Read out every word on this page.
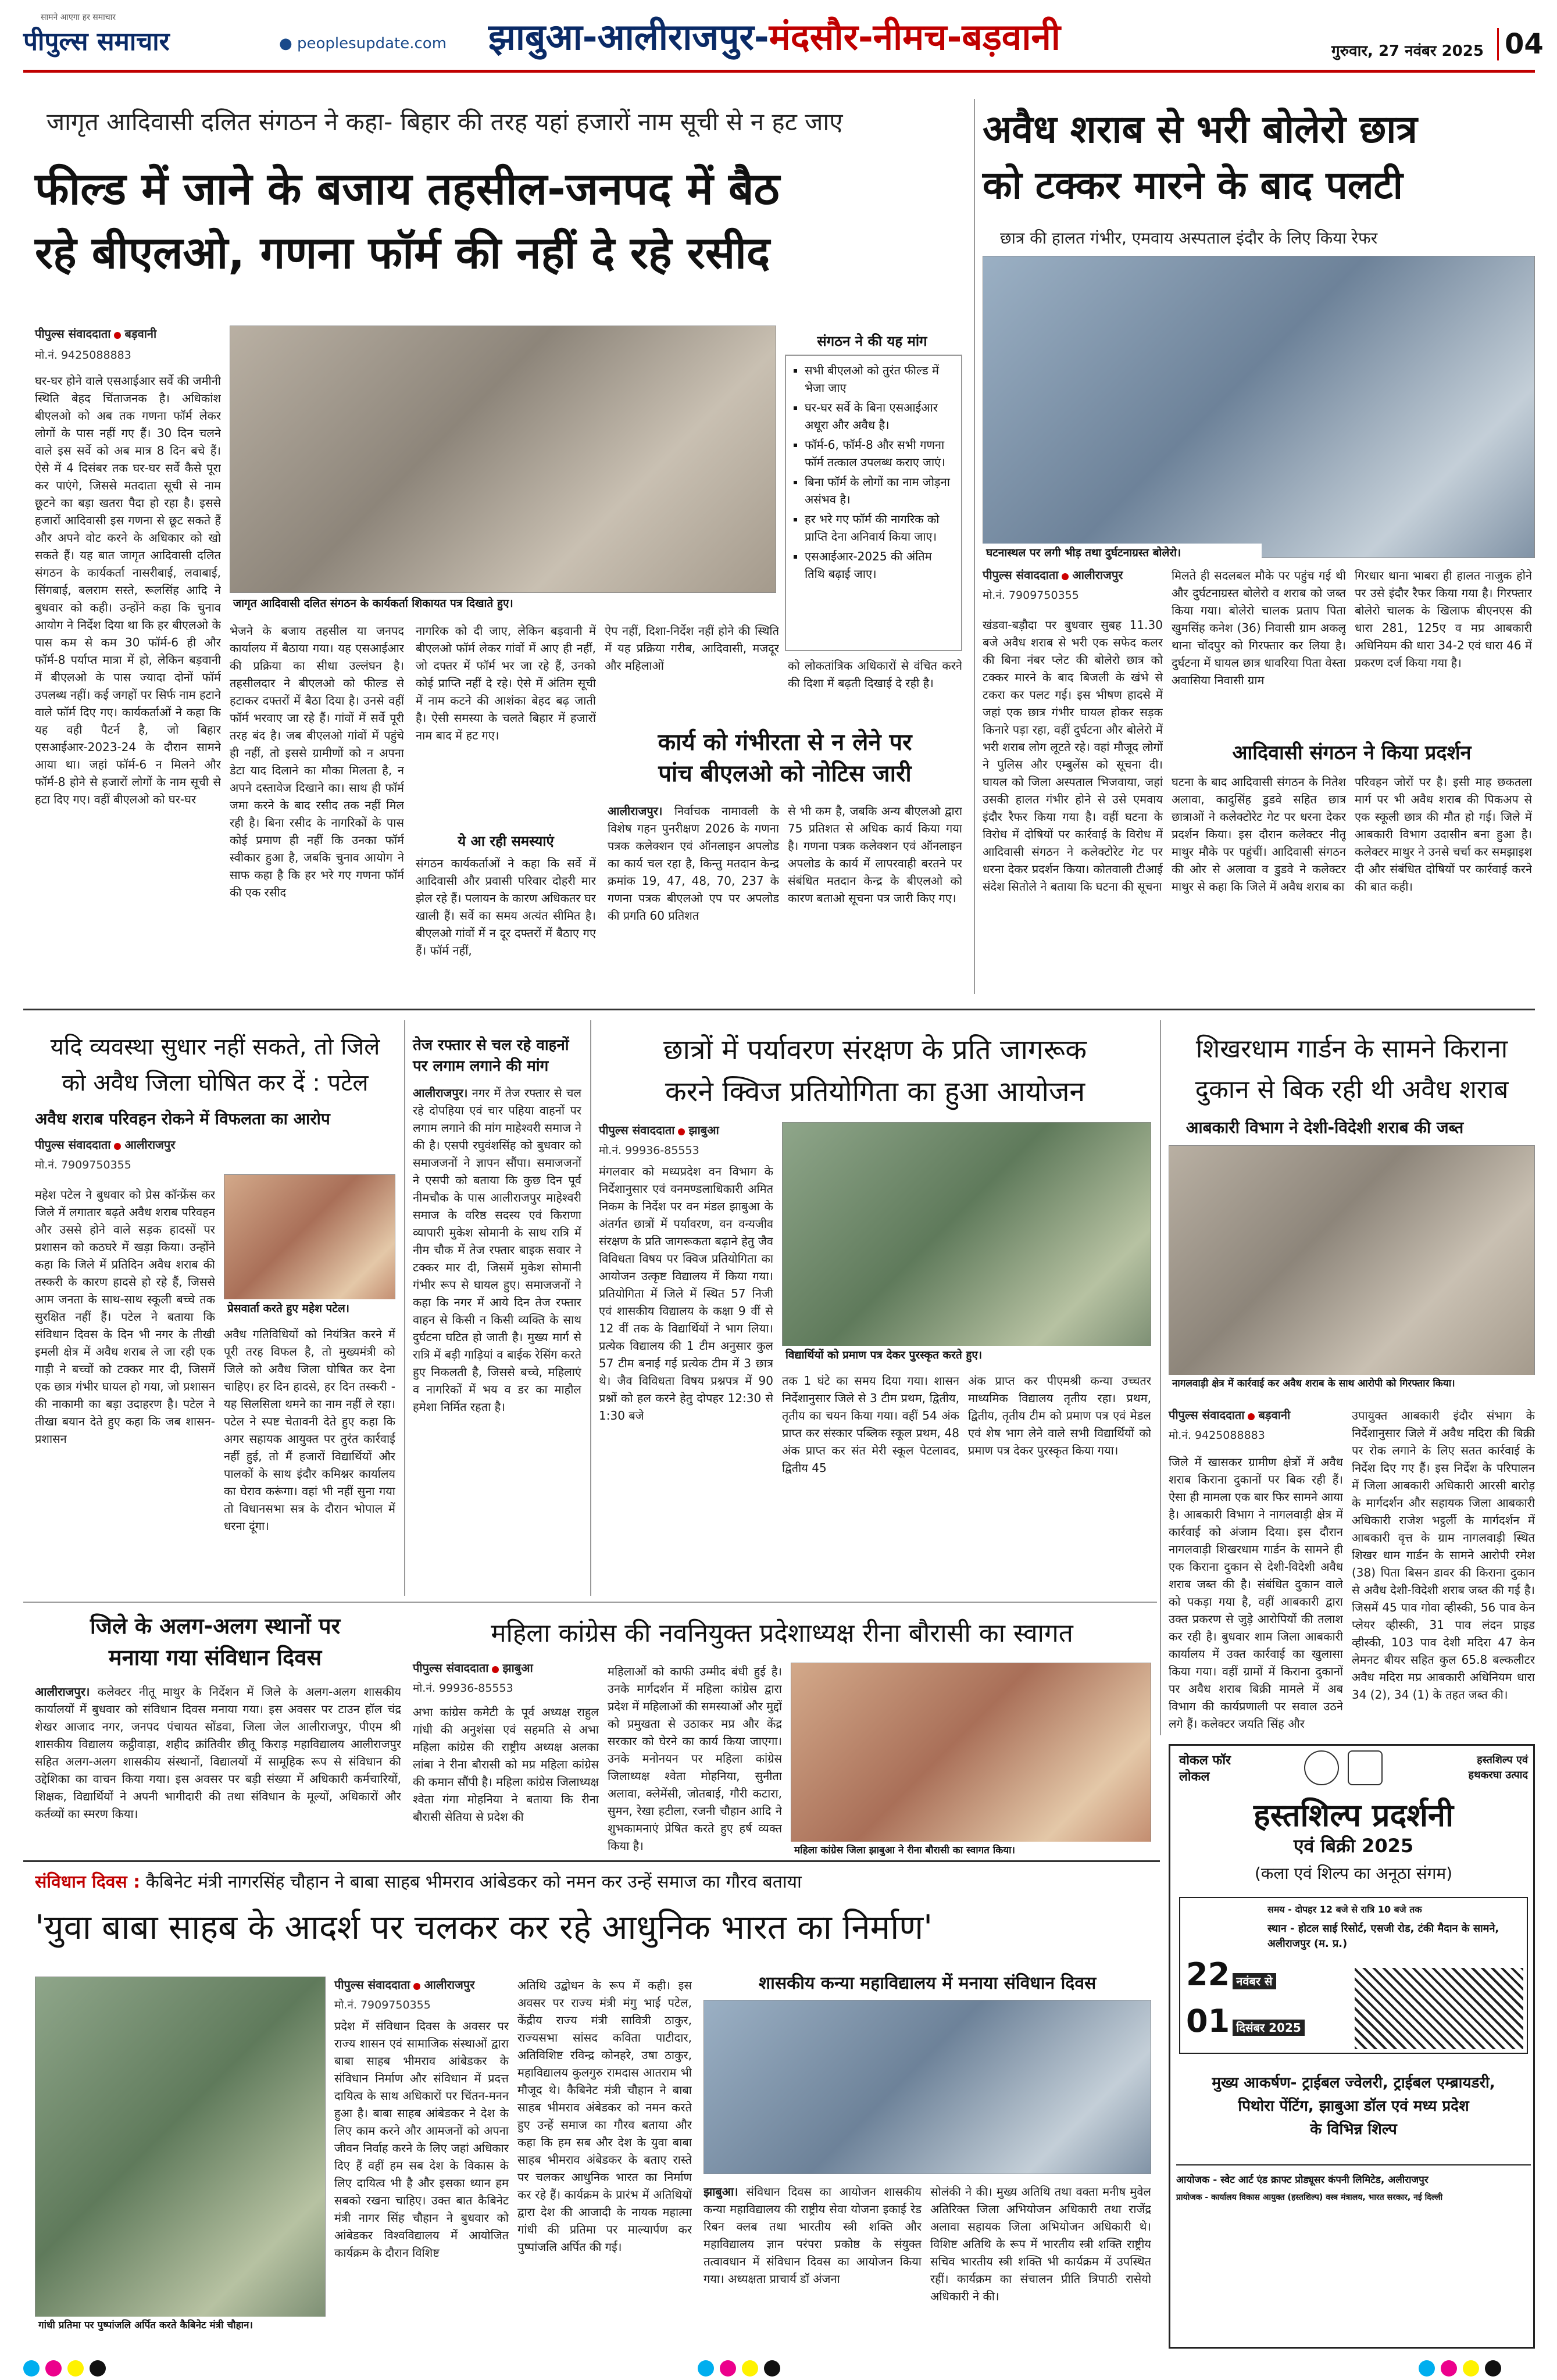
सामने आएगा हर समाचार
पीपुल्स समाचार	● peoplesupdate.com झाबुआ-आलीराजपुर-मंदसौर-नीमच-बड़वानी	गुरुवार, 27 नवंबर 2025 04
जागृत आदिवासी दलित संगठन ने कहा- बिहार की तरह यहां हजारों नाम सूची से न हट जाए
फील्ड में जाने के बजाय तहसील-जनपद में बैठ
रहे बीएलओ, गणना फॉर्म की नहीं दे रहे रसीद
पीपुल्स संवाददाता बड़वानी
मो.नं. 9425088883
घर-घर होने वाले एसआईआर सर्वे की जमीनी स्थिति बेहद चिंताजनक है। अधिकांश बीएलओ को अब तक गणना फॉर्म लेकर लोगों के पास नहीं गए हैं। 30 दिन चलने वाले इस सर्वे को अब मात्र 8 दिन बचे हैं। ऐसे में 4 दिसंबर तक घर-घर सर्वे कैसे पूरा कर पाएंगे, जिससे मतदाता सूची से नाम छूटने का बड़ा खतरा पैदा हो रहा है। इससे हजारों आदिवासी इस गणना से छूट सकते हैं और अपने वोट करने के अधिकार को खो सकते हैं। यह बात जागृत आदिवासी दलित संगठन के कार्यकर्ता नासरीबाई, लवाबाई, सिंगबाई, बलराम सस्ते, रूलसिंह आदि ने बुधवार को कही। उन्होंने कहा कि चुनाव आयोग ने निर्देश दिया था कि हर बीएलओ के पास कम से कम 30 फॉर्म-6 ही और फॉर्म-8 पर्याप्त मात्रा में हो, लेकिन बड़वानी में बीएलओ के पास ज्यादा दोनों फॉर्म उपलब्ध नहीं। कई जगहों पर सिर्फ नाम हटाने वाले फॉर्म दिए गए। कार्यकर्ताओं ने कहा कि यह वही पैटर्न है, जो बिहार एसआईआर-2023-24 के दौरान सामने आया था। जहां फॉर्म-6 न मिलने और फॉर्म-8 होने से हजारों लोगों के नाम सूची से हटा दिए गए। वहीं बीएलओ को घर-घर
जागृत आदिवासी दलित संगठन के कार्यकर्ता शिकायत पत्र दिखाते हुए।
भेजने के बजाय तहसील या जनपद कार्यालय में बैठाया गया। यह एसआईआर की प्रक्रिया का सीधा उल्लंघन है। तहसीलदार ने बीएलओ को फील्ड से हटाकर दफ्तरों में बैठा दिया है। उनसे वहीं फॉर्म भरवाए जा रहे हैं। गांवों में सर्वे पूरी तरह बंद है। जब बीएलओ गांवों में पहुंचे ही नहीं, तो इससे ग्रामीणों को न अपना डेटा याद दिलाने का मौका मिलता है, न अपने दस्तावेज दिखाने का। साथ ही फॉर्म जमा करने के बाद रसीद तक नहीं मिल रही है। बिना रसीद के नागरिकों के पास कोई प्रमाण ही नहीं कि उनका फॉर्म स्वीकार हुआ है, जबकि चुनाव आयोग ने साफ कहा है कि हर भरे गए गणना फॉर्म की एक रसीद
नागरिक को दी जाए, लेकिन बड़वानी में बीएलओ फॉर्म लेकर गांवों में आए ही नहीं, जो दफ्तर में फॉर्म भर जा रहे हैं, उनको कोई प्राप्ति नहीं दे रहे। ऐसे में अंतिम सूची में नाम कटने की आशंका बेहद बढ़ जाती है। ऐसी समस्या के चलते बिहार में हजारों नाम बाद में हट गए।
ये आ रही समस्याएं
संगठन कार्यकर्ताओं ने कहा कि सर्वे में आदिवासी और प्रवासी परिवार दोहरी मार झेल रहे हैं। पलायन के कारण अधिकतर घर खाली हैं। सर्वे का समय अत्यंत सीमित है। बीएलओ गांवों में न दूर दफ्तरों में बैठाए गए हैं। फॉर्म नहीं,
ऐप नहीं, दिशा-निर्देश नहीं होने की स्थिति में यह प्रक्रिया गरीब, आदिवासी, मजदूर और महिलाओं	को लोकतांत्रिक अधिकारों से वंचित करने की दिशा में बढ़ती दिखाई दे रही है।
संगठन ने की यह मांग
▪ सभी बीएलओ को तुरंत फील्ड में भेजा जाए
▪ घर-घर सर्वे के बिना एसआईआर अधूरा और अवैध है।
▪ फॉर्म-6, फॉर्म-8 और सभी गणना फॉर्म तत्काल उपलब्ध कराए जाएं।
▪ बिना फॉर्म के लोगों का नाम जोड़ना असंभव है।
▪ हर भरे गए फॉर्म की नागरिक को प्राप्ति देना अनिवार्य किया जाए।
▪ एसआईआर-2025 की अंतिम तिथि बढ़ाई जाए।
कार्य को गंभीरता से न लेने पर
पांच बीएलओ को नोटिस जारी
आलीराजपुर। निर्वाचक नामावली के विशेष गहन पुनरीक्षण 2026 के गणना पत्रक कलेक्शन एवं ऑनलाइन अपलोड का कार्य चल रहा है, किन्तु मतदान केन्द्र क्रमांक 19, 47, 48, 70, 237 के गणना पत्रक बीएलओ एप पर अपलोड की प्रगति 60 प्रतिशत
से भी कम है, जबकि अन्य बीएलओ द्वारा 75 प्रतिशत से अधिक कार्य किया गया है। गणना पत्रक कलेक्शन एवं ऑनलाइन अपलोड के कार्य में लापरवाही बरतने पर संबंधित मतदान केन्द्र के बीएलओ को कारण बताओ सूचना पत्र जारी किए गए।
अवैध शराब से भरी बोलेरो छात्र
को टक्कर मारने के बाद पलटी
छात्र की हालत गंभीर, एमवाय अस्पताल इंदौर के लिए किया रेफर
घटनास्थल पर लगी भीड़ तथा दुर्घटनाग्रस्त बोलेरो।
पीपुल्स संवाददाता आलीराजपुर
मो.नं. 7909750355
खंडवा-बड़ौदा पर बुधवार सुबह 11.30 बजे अवैध शराब से भरी एक सफेद कलर की बिना नंबर प्लेट की बोलेरो छात्र को टक्कर मारने के बाद बिजली के खंभे से टकरा कर पलट गई। इस भीषण हादसे में जहां एक छात्र गंभीर घायल होकर सड़क किनारे पड़ा रहा, वहीं दुर्घटना और बोलेरो में भरी शराब लोग लूटते रहे। वहां मौजूद लोगों ने पुलिस और एम्बुलेंस को सूचना दी। घायल को जिला अस्पताल भिजवाया, जहां उसकी हालत गंभीर होने से उसे एमवाय इंदौर रैफर किया गया है। वहीं घटना के विरोध में दोषियों पर कार्रवाई के विरोध में आदिवासी संगठन ने कलेक्टोरेट गेट पर धरना देकर प्रदर्शन किया। कोतवाली टीआई संदेश सितोले ने बताया कि घटना की सूचना
मिलते ही सदलबल मौके पर पहुंच गई थी और दुर्घटनाग्रस्त बोलेरो व शराब को जब्त किया गया। बोलेरो चालक प्रताप पिता खुमसिंह कनेश (36) निवासी ग्राम अकलू थाना चोंदपुर को गिरफ्तार कर लिया है। दुर्घटना में घायल छात्र धावरिया पिता वेस्ता अवासिया निवासी ग्राम
गिरधार थाना भाबरा ही हालत नाजुक होने पर उसे इंदौर रैफर किया गया है। गिरफ्तार बोलेरो चालक के खिलाफ बीएनएस की धारा 281, 125ए व मप्र आबकारी अधिनियम की धारा 34-2 एवं धारा 46 में प्रकरण दर्ज किया गया है।
आदिवासी संगठन ने किया प्रदर्शन
घटना के बाद आदिवासी संगठन के नितेश अलावा, कादुसिंह डुडवे सहित छात्र छात्राओं ने कलेक्टोरेट गेट पर धरना देकर प्रदर्शन किया। इस दौरान कलेक्टर नीतू माथुर मौके पर पहुंचीं। आदिवासी संगठन की ओर से अलावा व डुडवे ने कलेक्टर माथुर से कहा कि जिले में अवैध शराब का
परिवहन जोरों पर है। इसी माह छकतला मार्ग पर भी अवैध शराब की पिकअप से एक स्कूली छात्र की मौत हो गई। जिले में आबकारी विभाग उदासीन बना हुआ है। कलेक्टर माथुर ने उनसे चर्चा कर समझाइश दी और संबंधित दोषियों पर कार्रवाई करने की बात कही।
यदि व्यवस्था सुधार नहीं सकते, तो जिले
को अवैध जिला घोषित कर दें : पटेल
अवैध शराब परिवहन रोकने में विफलता का आरोप
पीपुल्स संवाददाता आलीराजपुर
मो.नं. 7909750355
प्रेसवार्ता करते हुए महेश पटेल।
महेश पटेल ने बुधवार को प्रेस कॉन्फ्रेंस कर जिले में लगातार बढ़ते अवैध शराब परिवहन और उससे होने वाले सड़क हादसों पर प्रशासन को कठघरे में खड़ा किया। उन्होंने कहा कि जिले में प्रतिदिन अवैध शराब की तस्करी के कारण हादसे हो रहे हैं, जिससे आम जनता के साथ-साथ स्कूली बच्चे तक सुरक्षित नहीं हैं। पटेल ने बताया कि संविधान दिवस के दिन भी नगर के तीखी इमली क्षेत्र में अवैध शराब ले जा रही एक गाड़ी ने बच्चों को टक्कर मार दी, जिसमें एक छात्र गंभीर घायल हो गया, जो प्रशासन की नाकामी का बड़ा उदाहरण है। पटेल ने तीखा बयान देते हुए कहा कि जब शासन-प्रशासन
अवैध गतिविधियों को नियंत्रित करने में पूरी तरह विफल है, तो मुख्यमंत्री को जिले को अवैध जिला घोषित कर देना चाहिए। हर दिन हादसे, हर दिन तस्करी - यह सिलसिला थमने का नाम नहीं ले रहा। पटेल ने स्पष्ट चेतावनी देते हुए कहा कि अगर सहायक आयुक्त पर तुरंत कार्रवाई नहीं हुई, तो मैं हजारों विद्यार्थियों और पालकों के साथ इंदौर कमिश्नर कार्यालय का घेराव करूंगा। वहां भी नहीं सुना गया तो विधानसभा सत्र के दौरान भोपाल में धरना दूंगा।
तेज रफ्तार से चल रहे वाहनों
पर लगाम लगाने की मांग
आलीराजपुर। नगर में तेज रफ्तार से चल रहे दोपहिया एवं चार पहिया वाहनों पर लगाम लगाने की मांग माहेश्वरी समाज ने की है। एसपी रघुवंशसिंह को बुधवार को समाजजनों ने ज्ञापन सौंपा। समाजजनों ने एसपी को बताया कि कुछ दिन पूर्व नीमचौक के पास आलीराजपुर माहेश्वरी समाज के वरिष्ठ सदस्य एवं किराणा व्यापारी मुकेश सोमानी के साथ रात्रि में नीम चौक में तेज रफ्तार बाइक सवार ने टक्कर मार दी, जिसमें मुकेश सोमानी गंभीर रूप से घायल हुए। समाजजनों ने कहा कि नगर में आये दिन तेज रफ्तार वाहन से किसी न किसी व्यक्ति के साथ दुर्घटना घटित हो जाती है। मुख्य मार्ग से रात्रि में बड़ी गाड़ियां व बाईक रेसिंग करते हुए निकलती है, जिससे बच्चे, महिलाएं व नागरिकों में भय व डर का माहौल हमेशा निर्मित रहता है।
छात्रों में पर्यावरण संरक्षण के प्रति जागरूक
करने क्विज प्रतियोगिता का हुआ आयोजन
पीपुल्स संवाददाता झाबुआ
मो.नं. 99936-85553
मंगलवार को मध्यप्रदेश वन विभाग के निर्देशानुसार एवं वनमण्डलाधिकारी अमित निकम के निर्देश पर वन मंडल झाबुआ के अंतर्गत छात्रों में पर्यावरण, वन वन्यजीव संरक्षण के प्रति जागरूकता बढ़ाने हेतु जैव विविधता विषय पर क्विज प्रतियोगिता का आयोजन उत्कृष्ट विद्यालय में किया गया। प्रतियोगिता में जिले में स्थित 57 निजी एवं शासकीय विद्यालय के कक्षा 9 वीं से 12 वीं तक के विद्यार्थियों ने भाग लिया। प्रत्येक विद्यालय की 1 टीम अनुसार कुल 57 टीम बनाई गई प्रत्येक टीम में 3 छात्र थे। जैव विविधता विषय प्रश्नपत्र में 90 प्रश्नों को हल करने हेतु दोपहर 12:30 से 1:30 बजे
विद्यार्थियों को प्रमाण पत्र देकर पुरस्कृत करते हुए।
तक 1 घंटे का समय दिया गया। शासन निर्देशानुसार जिले से 3 टीम प्रथम, द्वितीय, तृतीय का चयन किया गया। वहीं 54 अंक प्राप्त कर संस्कार पब्लिक स्कूल प्रथम, 48 अंक प्राप्त कर संत मेरी स्कूल पेटलावद, द्वितीय 45
अंक प्राप्त कर पीएमश्री कन्या उच्चतर माध्यमिक विद्यालय तृतीय रहा। प्रथम, द्वितीय, तृतीय टीम को प्रमाण पत्र एवं मेडल एवं शेष भाग लेने वाले सभी विद्यार्थियों को प्रमाण पत्र देकर पुरस्कृत किया गया।
शिखरधाम गार्डन के सामने किराना
दुकान से बिक रही थी अवैध शराब
आबकारी विभाग ने देशी-विदेशी शराब की जब्त
नागलवाड़ी क्षेत्र में कार्रवाई कर अवैध शराब के साथ आरोपी को गिरफ्तार किया।
पीपुल्स संवाददाता बड़वानी
मो.नं. 9425088883
जिले में खासकर ग्रामीण क्षेत्रों में अवैध शराब किराना दुकानों पर बिक रही हैं। ऐसा ही मामला एक बार फिर सामने आया है। आबकारी विभाग ने नागलवाड़ी क्षेत्र में कार्रवाई को अंजाम दिया। इस दौरान नागलवाड़ी शिखरधाम गार्डन के सामने ही एक किराना दुकान से देशी-विदेशी अवैध शराब जब्त की है। संबंधित दुकान वाले को पकड़ा गया है, वहीं आबकारी द्वारा उक्त प्रकरण से जुड़े आरोपियों की तलाश कर रही है। बुधवार शाम जिला आबकारी कार्यालय में उक्त कार्रवाई का खुलासा किया गया। वहीं ग्रामों में किराना दुकानों पर अवैध शराब बिक्री मामले में अब विभाग की कार्यप्रणाली पर सवाल उठने लगे हैं। कलेक्टर जयति सिंह और
उपायुक्त आबकारी इंदौर संभाग के निर्देशानुसार जिले में अवैध मदिरा की बिक्री पर रोक लगाने के लिए सतत कार्रवाई के निर्देश दिए गए हैं। इस निर्देश के परिपालन में जिला आबकारी अधिकारी आरसी बारोड़ के मार्गदर्शन और सहायक जिला आबकारी अधिकारी राजेश भट्ठर्ली के मार्गदर्शन में आबकारी वृत्त के ग्राम नागलवाड़ी स्थित शिखर धाम गार्डन के सामने आरोपी रमेश (38) पिता बिसन डावर की किराना दुकान से अवैध देशी-विदेशी शराब जब्त की गई है। जिसमें 45 पाव गोवा व्हीस्की, 56 पाव केन प्लेयर व्हीस्की, 31 पाव लंदन प्राइड व्हीस्की, 103 पाव देशी मदिरा 47 केन लेमनट बीयर सहित कुल 65.8 बल्कलीटर अवैध मदिरा मप्र आबकारी अधिनियम धारा 34 (2), 34 (1) के तहत जब्त की।
जिले के अलग-अलग स्थानों पर
मनाया गया संविधान दिवस
आलीराजपुर। कलेक्टर नीतू माथुर के निर्देशन में जिले के अलग-अलग शासकीय कार्यालयों में बुधवार को संविधान दिवस मनाया गया। इस अवसर पर टाउन हॉल चंद्र शेखर आजाद नगर, जनपद पंचायत सोंडवा, जिला जेल आलीराजपुर, पीएम श्री शासकीय विद्यालय कट्ठीवाड़ा, शहीद क्रांतिवीर छीतू किराड़ महाविद्यालय आलीराजपुर सहित अलग-अलग शासकीय संस्थानों, विद्यालयों में सामूहिक रूप से संविधान की उद्देशिका का वाचन किया गया। इस अवसर पर बड़ी संख्या में अधिकारी कर्मचारियों, शिक्षक, विद्यार्थियों ने अपनी भागीदारी की तथा संविधान के मूल्यों, अधिकारों और कर्तव्यों का स्मरण किया।
महिला कांग्रेस की नवनियुक्त प्रदेशाध्यक्ष रीना बौरासी का स्वागत
पीपुल्स संवाददाता झाबुआ
मो.नं. 99936-85553
अभा कांग्रेस कमेटी के पूर्व अध्यक्ष राहुल गांधी की अनुशंसा एवं सहमति से अभा महिला कांग्रेस की राष्ट्रीय अध्यक्ष अलका लांबा ने रीना बौरासी को मप्र महिला कांग्रेस की कमान सौंपी है। महिला कांग्रेस जिलाध्यक्ष श्वेता गंगा मोहनिया ने बताया कि रीना बौरासी सेतिया से प्रदेश की
महिलाओं को काफी उम्मीद बंधी हुई है। उनके मार्गदर्शन में महिला कांग्रेस द्वारा प्रदेश में महिलाओं की समस्याओं और मुद्दों को प्रमुखता से उठाकर मप्र और केंद्र सरकार को घेरने का कार्य किया जाएगा। उनके मनोनयन पर महिला कांग्रेस जिलाध्यक्ष श्वेता मोहनिया, सुनीता अलावा, क्लेमेंसी, जोतबाई, गौरी कटारा, सुमन, रेखा हटीला, रजनी चौहान आदि ने शुभकामनाएं प्रेषित करते हुए हर्ष व्यक्त किया है।	महिला कांग्रेस जिला झाबुआ ने रीना बौरासी का स्वागत किया।
संविधान दिवस : कैबिनेट मंत्री नागरसिंह चौहान ने बाबा साहब भीमराव आंबेडकर को नमन कर उन्हें समाज का गौरव बताया
'युवा बाबा साहब के आदर्श पर चलकर कर रहे आधुनिक भारत का निर्माण'
गांधी प्रतिमा पर पुष्पांजलि अर्पित करते कैबिनेट मंत्री चौहान।
पीपुल्स संवाददाता आलीराजपुर
मो.नं. 7909750355
प्रदेश में संविधान दिवस के अवसर पर राज्य शासन एवं सामाजिक संस्थाओं द्वारा बाबा साहब भीमराव आंबेडकर के संविधान निर्माण और संविधान में प्रदत्त दायित्व के साथ अधिकारों पर चिंतन-मनन हुआ है। बाबा साहब आंबेडकर ने देश के लिए काम करने और आमजनों को अपना जीवन निर्वाह करने के लिए जहां अधिकार दिए हैं वहीं हम सब देश के विकास के लिए दायित्व भी है और इसका ध्यान हम सबको रखना चाहिए। उक्त बात कैबिनेट मंत्री नागर सिंह चौहान ने बुधवार को आंबेडकर विश्वविद्यालय में आयोजित कार्यक्रम के दौरान विशिष्ट
अतिथि उद्बोधन के रूप में कही। इस अवसर पर राज्य मंत्री मंगु भाई पटेल, केंद्रीय राज्य मंत्री सावित्री ठाकुर, राज्यसभा सांसद कविता पाटीदार, अतिविशिष्ट रविन्द्र कोनहरे, उषा ठाकुर, महाविद्यालय कुलगुरु रामदास आतराम भी मौजूद थे। कैबिनेट मंत्री चौहान ने बाबा साहब भीमराव अंबेडकर को नमन करते हुए उन्हें समाज का गौरव बताया और कहा कि हम सब और देश के युवा बाबा साहब भीमराव अंबेडकर के बताए रास्ते पर चलकर आधुनिक भारत का निर्माण कर रहे हैं। कार्यक्रम के प्रारंभ में अतिथियों द्वारा देश की आजादी के नायक महात्मा गांधी की प्रतिमा पर माल्यार्पण कर पुष्पांजलि अर्पित की गई।
शासकीय कन्या महाविद्यालय में मनाया संविधान दिवस
झाबुआ। संविधान दिवस का आयोजन शासकीय कन्या महाविद्यालय की राष्ट्रीय सेवा योजना इकाई रेड रिबन क्लब तथा भारतीय स्त्री शक्ति और महाविद्यालय ज्ञान परंपरा प्रकोष्ठ के संयुक्त तत्वावधान में संविधान दिवस का आयोजन किया गया। अध्यक्षता प्राचार्य डॉ अंजना
सोलंकी ने की। मुख्य अतिथि तथा वक्ता मनीष मुवेल अतिरिक्त जिला अभियोजन अधिकारी तथा राजेंद्र अलावा सहायक जिला अभियोजन अधिकारी थे। विशिष्ट अतिथि के रूप में भारतीय स्त्री शक्ति राष्ट्रीय सचिव भारतीय स्त्री शक्ति भी कार्यक्रम में उपस्थित रहीं। कार्यक्रम का संचालन प्रीति त्रिपाठी रासेयो अधिकारी ने की।
वोकल फॉर
लोकल
हस्तशिल्प एवं
हथकरघा उत्पाद
हस्तशिल्प प्रदर्शनी
एवं बिक्री 2025
(कला एवं शिल्प का अनूठा संगम)
समय - दोपहर 12 बजे से रात्रि 10 बजे तक
स्थान - होटल साई रिसोर्ट, एसजी रोड, टंकी मैदान के सामने, अलीराजपुर (म. प्र.)
22 नवंबर से
01 दिसंबर 2025
मुख्य आकर्षण- ट्राईबल ज्वेलरी, ट्राईबल एम्ब्रायडरी,
पिथोरा पेंटिंग, झाबुआ डॉल एवं मध्य प्रदेश
के विभिन्न शिल्प
आयोजक - स्वेट आर्ट एंड क्राफ्ट प्रोड्यूसर कंपनी लिमिटेड, अलीराजपुर
प्रायोजक - कार्यालय विकास आयुक्त (हस्तशिल्प) वस्त्र मंत्रालय, भारत सरकार, नई दिल्ली
